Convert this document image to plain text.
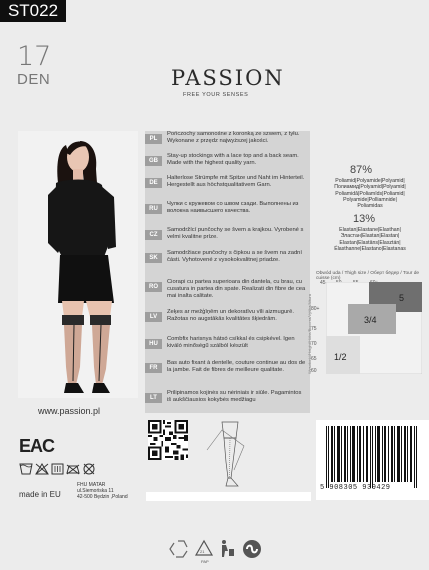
ST022
17
DEN	PASSION
FREE YOUR SENSES
www.passion.pl
PL
Pończochy samonośne z koronką ze szwem, z tyłu. Wykonane z przędz najwyższej jakości.
GB
Stay-up stockings with a lace top and a back seam. Made with the highest quality yarn.
DE
Halterlose Strümpfe mit Spitze und Naht im Hinterteil. Hergestellt aus höchstqualitativem Garn.
RU
Чулки с кружевом со швом сзади. Выполнены из волокна наивысшего качества.
CZ
Samodržící punčochy se švem a krajkou. Vyrobené s velmi kvalitne príze.
SK
Samodržiace punčochy s čipkou a se švem na zadní části. Vyhotovené z vysokokvalitnej priadze.
RO
Ciorapi cu partea superioara din dantela, cu brau, cu cusatura in partea din spate. Realizati din fibre de cea mai inalta calitate.
LV
Zeķes ar mežģīņēm un dekoratīvu vīli aizmugurē. Ražotas no augstākās kvalitātes šķiedrām.
HU
Combfix harisnya hátsó csíkkal és csipkével. Igen kiváló minőségű szálból készült
FR
Bas auto fixant à dentelle, couture continue au dos de la jambe. Fait de fibres de meilleure qualitate.
LT
Prilipinamos kojinės su nėriniais ir siūle. Pagamintos iš aukščiausios kokybės medžiagu
87%
Poliamid|Polyamide|Polyamid|
Полиамид|Polyamid|Polyamid|
Poliamidă|Poliamīds|Poliamid|
Polyamide|Polliamnide|
Poliamidas
13%
Elastan|Elastane|Elasthan|
Эластан|Elastan|Elastan|
Elastan|Elastāns|Elasztán|
Élasthanne|Elastano|Elastanas
Obwód uda / Thigh size / Оберт бёдер / Tour de cuisse (cm)
45
80+
75
70
65
60
5
3/4
1/2
Wysokość/Height/Höhe/Высота/Výška/Altura
EAC
made in EU
FHU MATAR
ul.Siemońska 11
42-500 Będzin ,Poland
5 908305 939429
21
PAP
